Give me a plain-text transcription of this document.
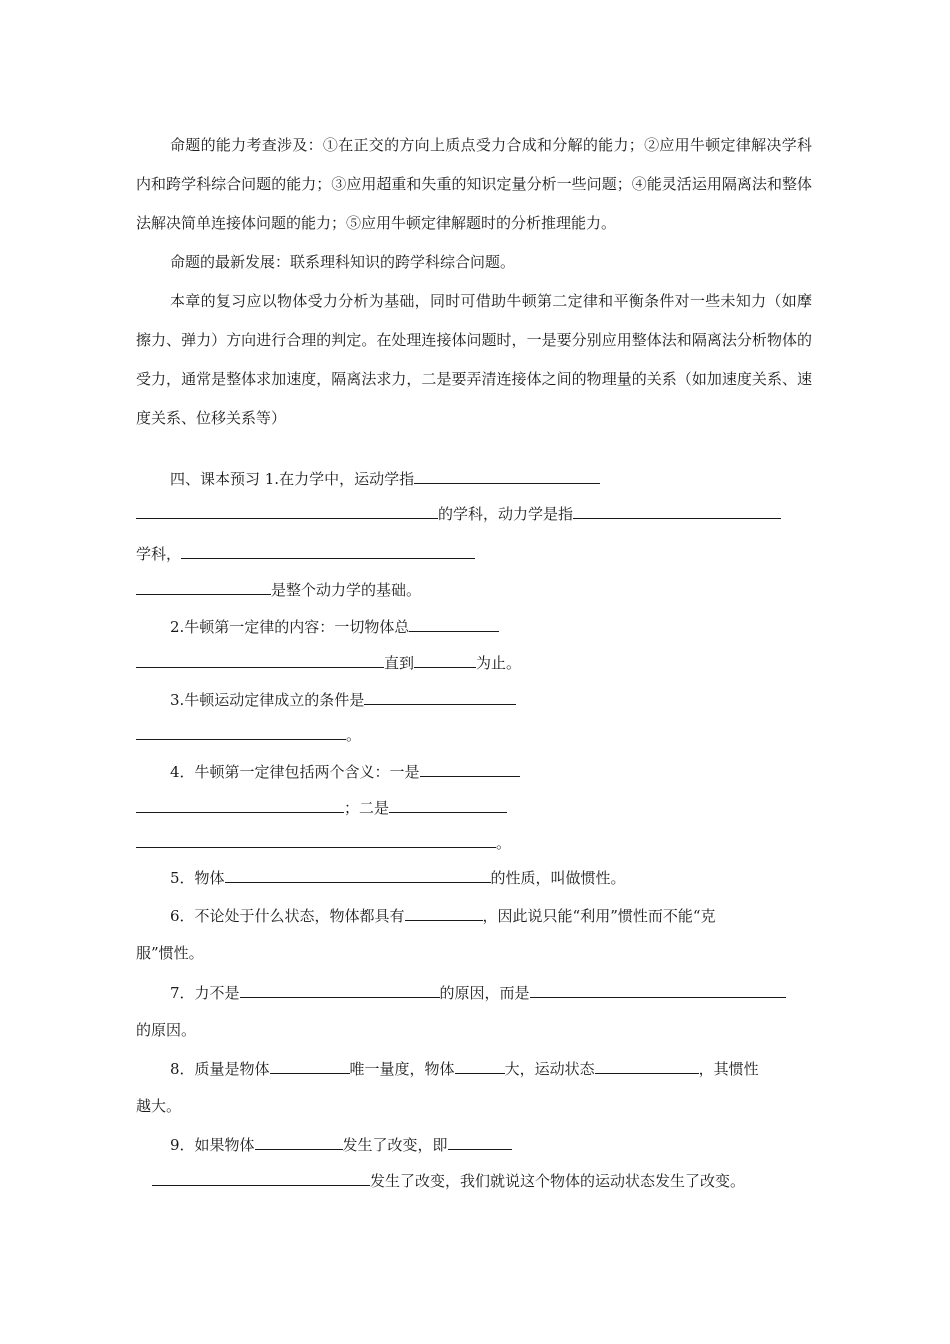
命题的能力考查涉及：①在正交的方向上质点受力合成和分解的能力；②应用牛顿定律解决学科内和跨学科综合问题的能力；③应用超重和失重的知识定量分析一些问题；④能灵活运用隔离法和整体法解决简单连接体问题的能力；⑤应用牛顿定律解题时的分析推理能力。

命题的最新发展：联系理科知识的跨学科综合问题。

本章的复习应以物体受力分析为基础，同时可借助牛顿第二定律和平衡条件对一些未知力（如摩擦力、弹力）方向进行合理的判定。在处理连接体问题时，一是要分别应用整体法和隔离法分析物体的受力，通常是整体求加速度，隔离法求力，二是要弄清连接体之间的物理量的关系（如加速度关系、速度关系、位移关系等）

四、课本预习 1.在力学中，运动学指

的学科，动力学是指

学科，

是整个动力学的基础。

2.牛顿第一定律的内容：一切物体总

直到	为止。

3.牛顿运动定律成立的条件是

。

4．牛顿第一定律包括两个含义：一是

；二是

。

5．物体	的性质，叫做惯性。

6．不论处于什么状态，物体都具有	，因此说只能“利用”惯性而不能“克

服”惯性。

7．力不是	的原因，而是

的原因。

8．质量是物体	唯一量度，物体	大，运动状态	，其惯性

越大。

9．如果物体	发生了改变，即

发生了改变，我们就说这个物体的运动状态发生了改变。
